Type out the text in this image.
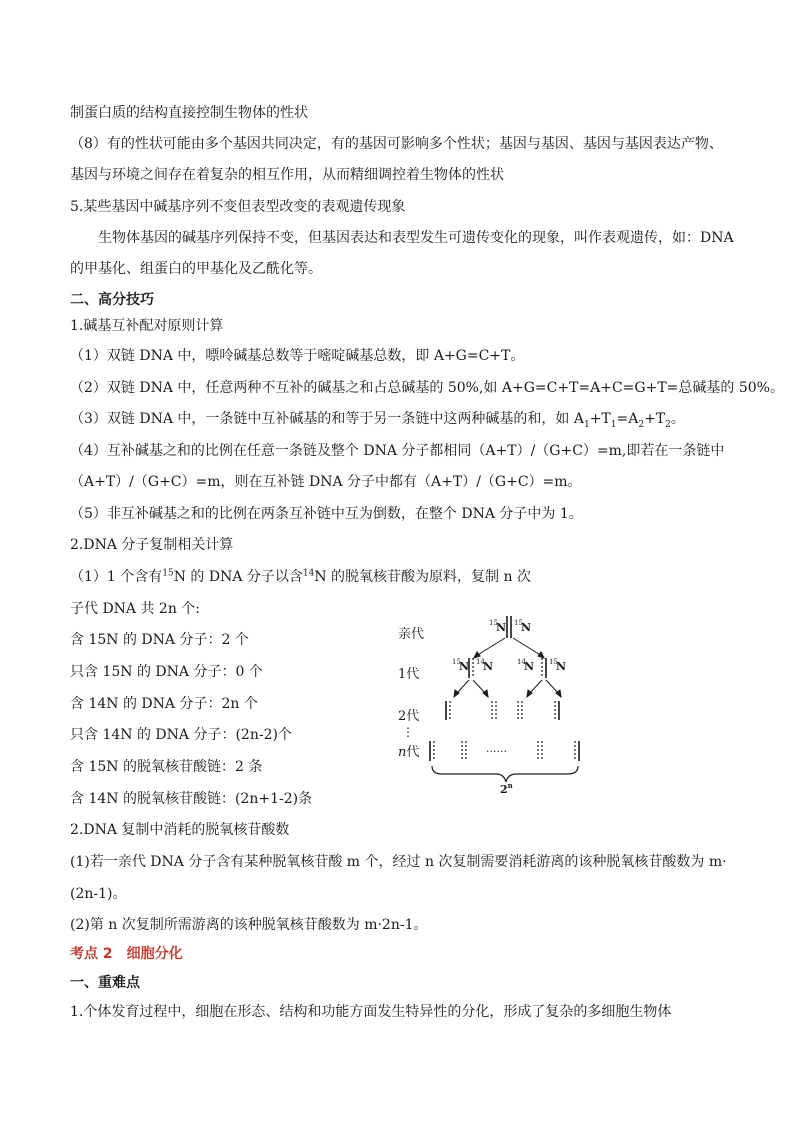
制蛋白质的结构直接控制生物体的性状
（8）有的性状可能由多个基因共同决定，有的基因可影响多个性状；基因与基因、基因与基因表达产物、
基因与环境之间存在着复杂的相互作用，从而精细调控着生物体的性状
5.某些基因中碱基序列不变但表型改变的表观遗传现象
生物体基因的碱基序列保持不变，但基因表达和表型发生可遗传变化的现象，叫作表观遗传，如：DNA
的甲基化、组蛋白的甲基化及乙酰化等。
二、高分技巧
1.碱基互补配对原则计算
（1）双链 DNA 中，嘌呤碱基总数等于嘧啶碱基总数，即 A+G=C+T。
（2）双链 DNA 中，任意两种不互补的碱基之和占总碱基的 50%,如 A+G=C+T=A+C=G+T=总碱基的 50%。
（3）双链 DNA 中，一条链中互补碱基的和等于另一条链中这两种碱基的和，如 $A_1+T_1=A_2+T_2$。
（4）互补碱基之和的比例在任意一条链及整个 DNA 分子都相同（A+T）/（G+C）=m,即若在一条链中
（A+T）/（G+C）=m，则在互补链 DNA 分子中都有（A+T）/（G+C）=m。
（5）非互补碱基之和的比例在两条互补链中互为倒数，在整个 DNA 分子中为 1。
2.DNA 分子复制相关计算
（1）1 个含有$^{15}$N 的 DNA 分子以含$^{14}$N 的脱氧核苷酸为原料，复制 n 次
子代 DNA 共 2n 个:
含 15N 的 DNA 分子：2 个
只含 15N 的 DNA 分子：0 个
含 14N 的 DNA 分子：2n 个
只含 14N 的 DNA 分子：(2n-2)个
含 15N 的脱氧核苷酸链：2 条
含 14N 的脱氧核苷酸链：(2n+1-2)条
2.DNA 复制中消耗的脱氧核苷酸数
(1)若一亲代 DNA 分子含有某种脱氧核苷酸 m 个，经过 n 次复制需要消耗游离的该种脱氧核苷酸数为 m·
(2n-1)。
(2)第 n 次复制所需游离的该种脱氧核苷酸数为 m·2n-1。
考点 2　细胞分化
一、重难点
1.个体发育过程中，细胞在形态、结构和功能方面发生特异性的分化，形成了复杂的多细胞生物体
亲代
1代
2代
⋮
n代
15
N 15
N
15
N 14
N	14
N 15
N
······
$2^n$
